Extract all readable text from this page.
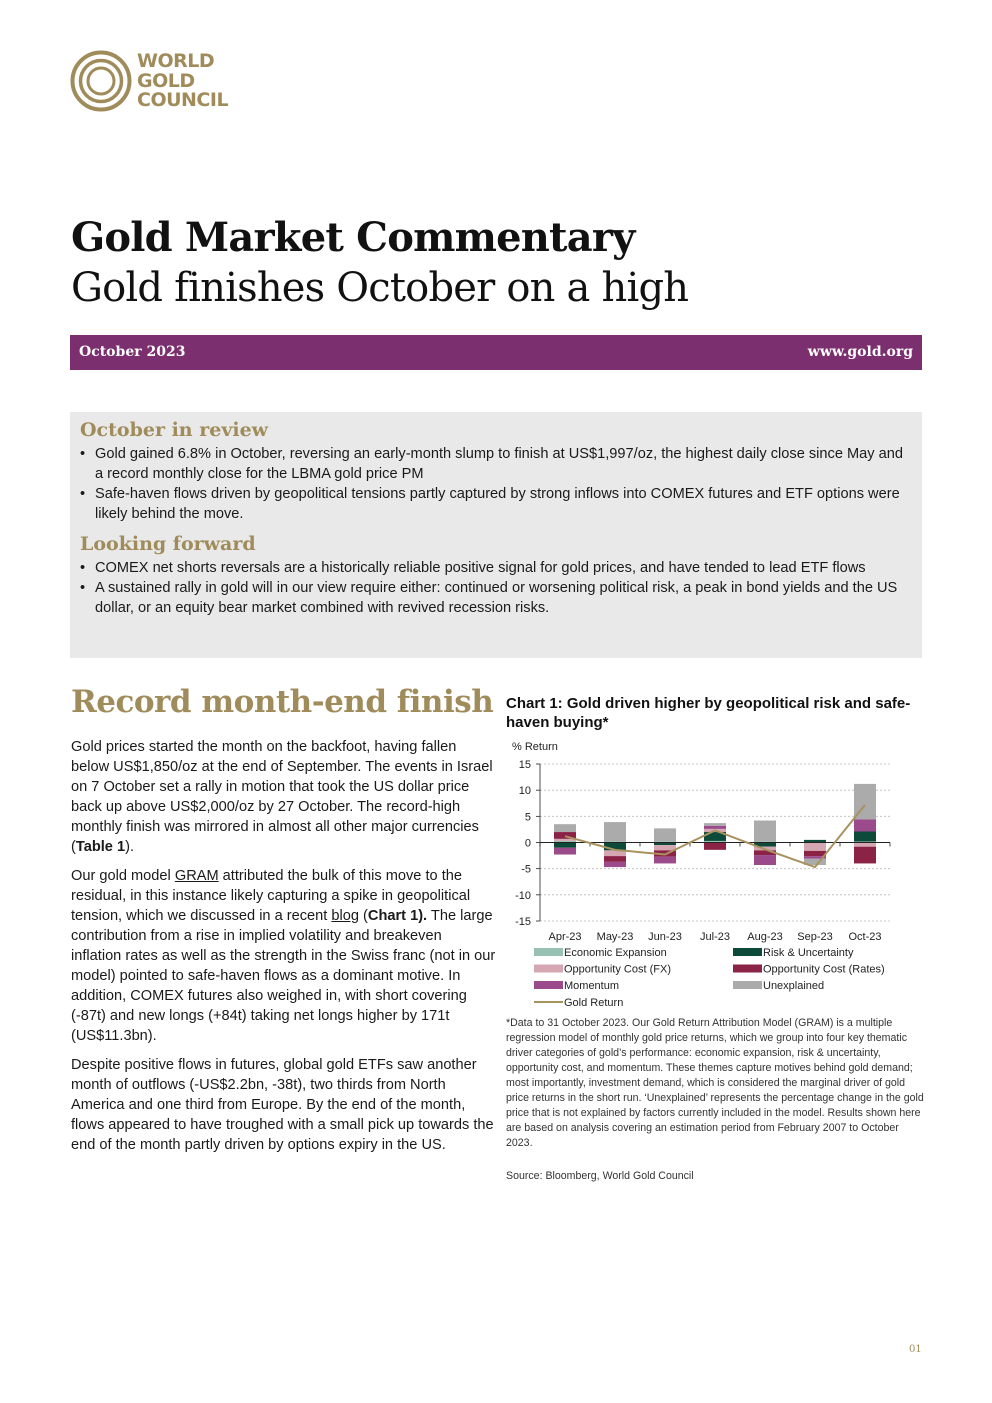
WORLD
GOLD
COUNCIL
Gold Market Commentary
Gold finishes October on a high
October 2023	www.gold.org
October in review
• Gold gained 6.8% in October, reversing an early-month slump to finish at US$1,997/oz, the highest daily close since May and a record monthly close for the LBMA gold price PM
• Safe-haven flows driven by geopolitical tensions partly captured by strong inflows into COMEX futures and ETF options were likely behind the move.
Looking forward
• COMEX net shorts reversals are a historically reliable positive signal for gold prices, and have tended to lead ETF flows
• A sustained rally in gold will in our view require either: continued or worsening political risk, a peak in bond yields and the US dollar, or an equity bear market combined with revived recession risks.
Record month-end finish

Gold prices started the month on the backfoot, having fallen below US$1,850/oz at the end of September. The events in Israel on 7 October set a rally in motion that took the US dollar price back up above US$2,000/oz by 27 October. The record-high monthly finish was mirrored in almost all other major currencies (Table 1).

Our gold model GRAM attributed the bulk of this move to the residual, in this instance likely capturing a spike in geopolitical tension, which we discussed in a recent blog (Chart 1). The large contribution from a rise in implied volatility and breakeven inflation rates as well as the strength in the Swiss franc (not in our model) pointed to safe-haven flows as a dominant motive. In addition, COMEX futures also weighed in, with short covering (-87t) and new longs (+84t) taking net longs higher by 171t (US$11.3bn).

Despite positive flows in futures, global gold ETFs saw another month of outflows (-US$2.2bn, -38t), two thirds from North America and one third from Europe. By the end of the month, flows appeared to have troughed with a small pick up towards the end of the month partly driven by options expiry in the US.

Chart 1: Gold driven higher by geopolitical risk and safe-haven buying*
% Return
15
10
5
0
-5
-10
-15
Apr-23 May-23 Jun-23 Jul-23 Aug-23 Sep-23 Oct-23
Economic Expansion	Risk & Uncertainty
Opportunity Cost (FX)	Opportunity Cost (Rates)
Momentum	Unexplained
Gold Return
*Data to 31 October 2023. Our Gold Return Attribution Model (GRAM) is a multiple regression model of monthly gold price returns, which we group into four key thematic driver categories of gold’s performance: economic expansion, risk & uncertainty, opportunity cost, and momentum. These themes capture motives behind gold demand; most importantly, investment demand, which is considered the marginal driver of gold price returns in the short run. ‘Unexplained’ represents the percentage change in the gold price that is not explained by factors currently included in the model. Results shown here are based on analysis covering an estimation period from February 2007 to October 2023.
Source: Bloomberg, World Gold Council
01
